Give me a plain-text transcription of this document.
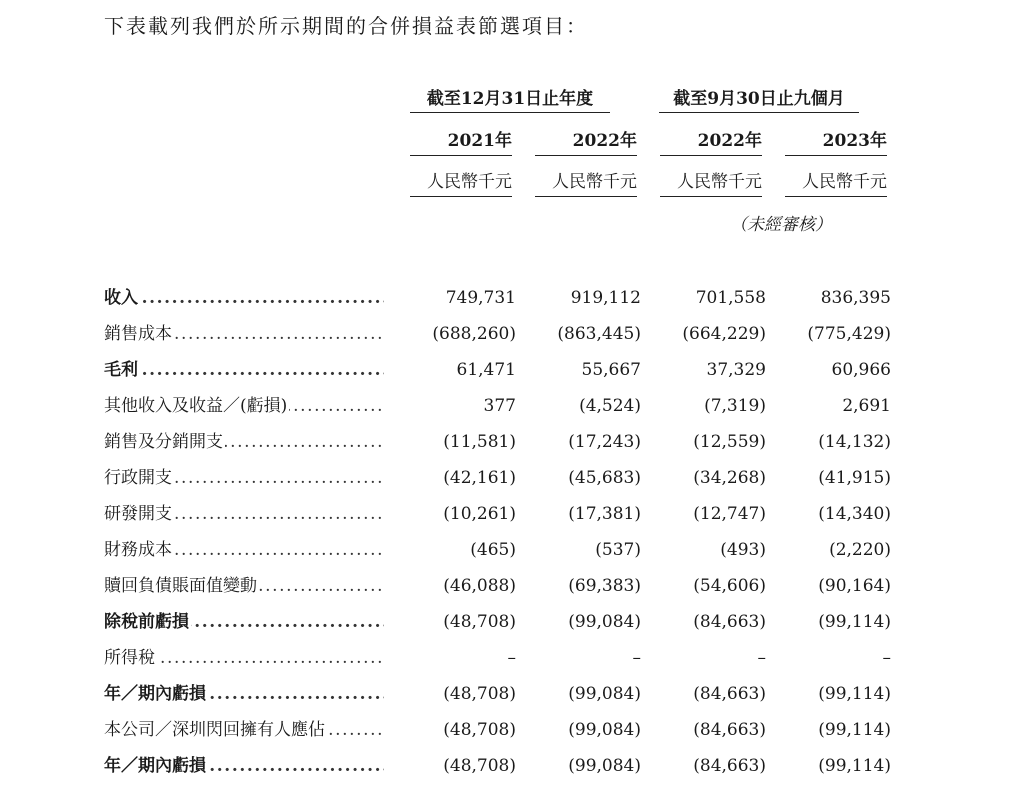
下表載列我們於所示期間的合併損益表節選項目：
截至12月31日止年度	截至9月30日止九個月
2021年	2022年	2022年	2023年
人民幣千元	人民幣千元	人民幣千元	人民幣千元
（未經審核）
.....
收入	749,731	919,112	701,558	836,395
.....
銷售成本	(688,260)	(863,445)	(664,229)	(775,429)
.....
毛利	61,471	55,667	37,329	60,966
.....
其他收入及收益／(虧損)	377	(4,524)	(7,319)	2,691
.....
銷售及分銷開支	(11,581)	(17,243)	(12,559)	(14,132)
.....
行政開支	(42,161)	(45,683)	(34,268)	(41,915)
.....
研發開支	(10,261)	(17,381)	(12,747)	(14,340)
.....
財務成本	(465)	(537)	(493)	(2,220)
.....
贖回負債賬面值變動	(46,088)	(69,383)	(54,606)	(90,164)
.....
除稅前虧損	(48,708)	(99,084)	(84,663)	(99,114)
.....
所得稅	–	–	–	–
.....
年／期內虧損	(48,708)	(99,084)	(84,663)	(99,114)
.....
本公司／深圳閃回擁有人應佔	(48,708)	(99,084)	(84,663)	(99,114)
.....
年／期內虧損	(48,708)	(99,084)	(84,663)	(99,114)
